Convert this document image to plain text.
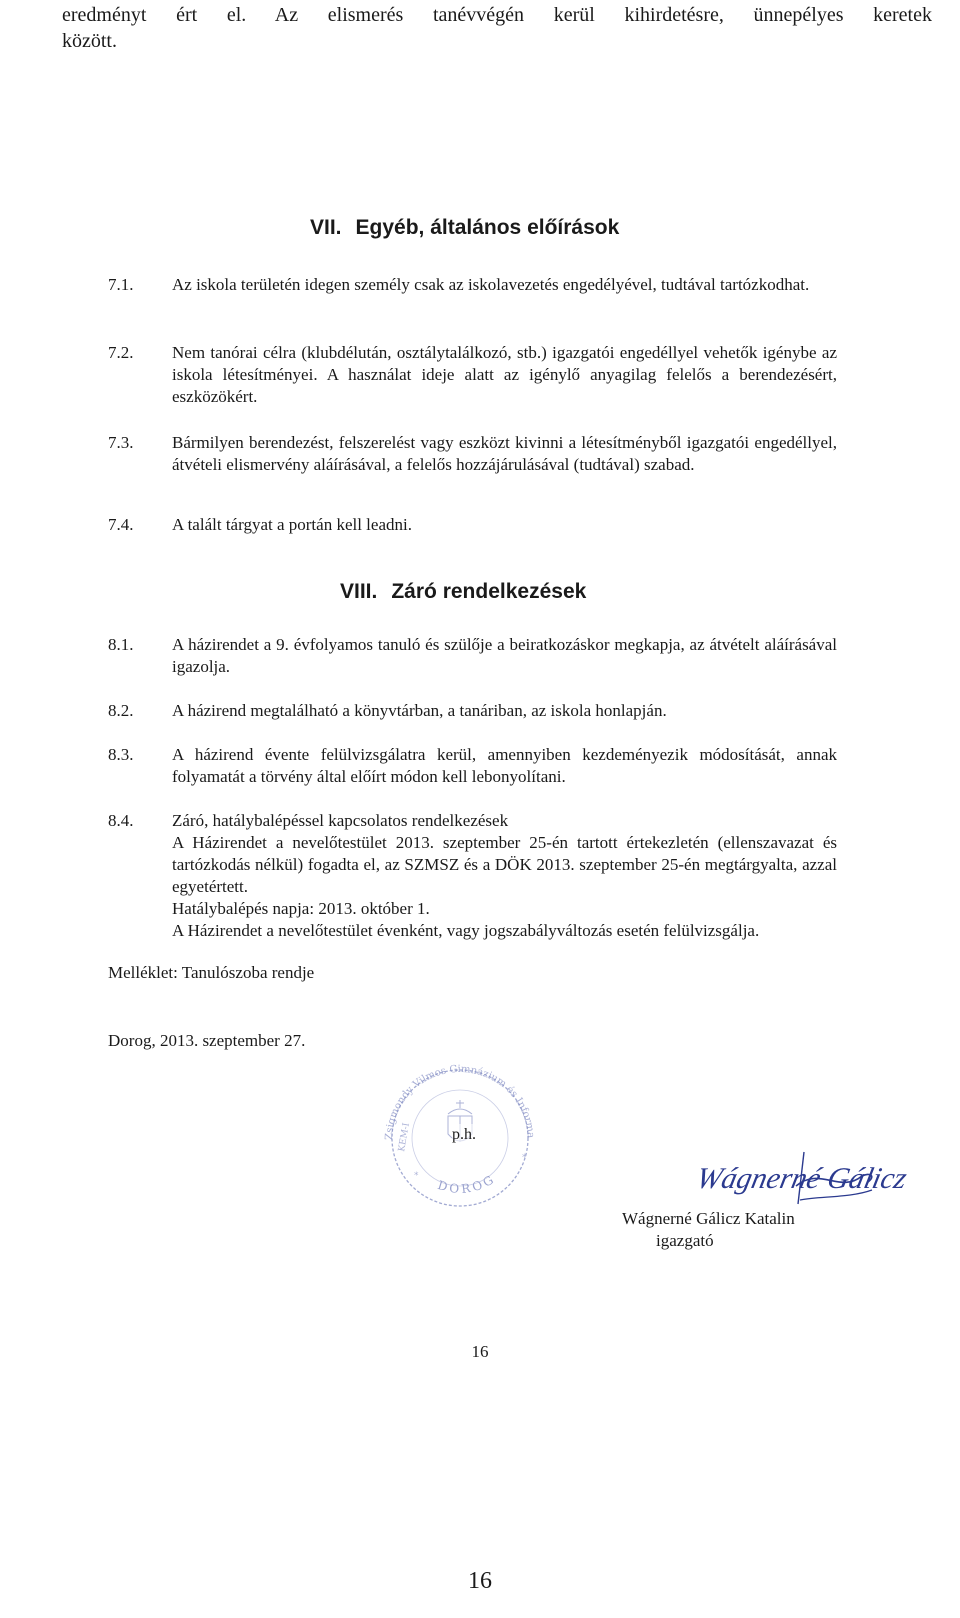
eredményt ért el. Az elismerés tanévvégén kerül kihirdetésre, ünnepélyes keretek
között.
VII. Egyéb, általános előírások
7.1.	Az iskola területén idegen személy csak az iskolavezetés engedélyével, tudtával tartózkodhat.
7.2.	Nem tanórai célra (klubdélután, osztálytalálkozó, stb.) igazgatói engedéllyel vehetők igénybe az iskola létesítményei. A használat ideje alatt az igénylő anyagilag felelős a berendezésért, eszközökért.
7.3.	Bármilyen berendezést, felszerelést vagy eszközt kivinni a létesítményből igazgatói engedéllyel, átvételi elismervény aláírásával, a felelős hozzájárulásával (tudtával) szabad.
7.4.	A talált tárgyat a portán kell leadni.
VIII. Záró rendelkezések
8.1.	A házirendet a 9. évfolyamos tanuló és szülője a beiratkozáskor megkapja, az átvételt aláírásával igazolja.
8.2.	A házirend megtalálható a könyvtárban, a tanáriban, az iskola honlapján.
8.3.	A házirend évente felülvizsgálatra kerül, amennyiben kezdeményezik módosítását, annak folyamatát a törvény által előírt módon kell lebonyolítani.
8.4.	Záró, hatálybalépéssel kapcsolatos rendelkezések
A Házirendet a nevelőtestület 2013. szeptember 25-én tartott értekezletén (ellenszavazat és tartózkodás nélkül) fogadta el, az SZMSZ és a DÖK 2013. szeptember 25-én megtárgyalta, azzal egyetértett.
Hatálybalépés napja: 2013. október 1.
A Házirendet a nevelőtestület évenként, vagy jogszabályváltozás esetén felülvizsgálja.
Melléklet: Tanulószoba rendje
Dorog, 2013. szeptember 27.
Zsigmondy Vilmos Gimnázium és Informa
DOROG
KEM-I
*
*
p.h.
Wágnerné Gálicz
Wágnerné Gálicz Katalin
igazgató
16
16
